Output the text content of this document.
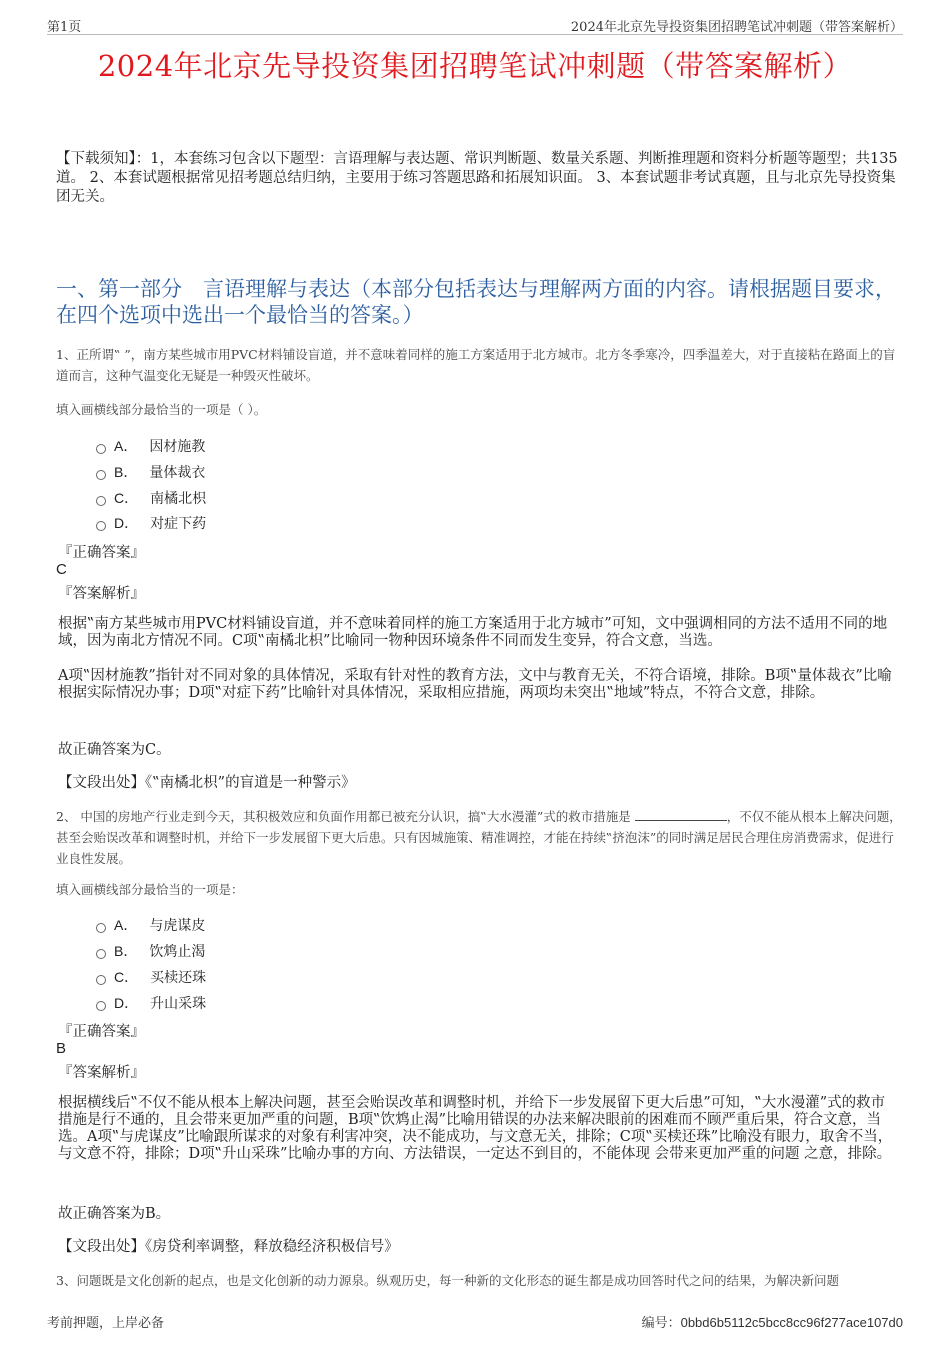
第1页	2024年北京先导投资集团招聘笔试冲刺题（带答案解析）
2024年北京先导投资集团招聘笔试冲刺题（带答案解析）
【下载须知】：1，本套练习包含以下题型：言语理解与表达题、常识判断题、数量关系题、判断推理题和资料分析题等题型；共135道。 2、本套试题根据常见招考题总结归纳，主要用于练习答题思路和拓展知识面。 3、本套试题非考试真题，且与北京先导投资集团无关。
一、第一部分　言语理解与表达（本部分包括表达与理解两方面的内容。请根据题目要求，在四个选项中选出一个最恰当的答案。）
1、正所谓‟ ”，南方某些城市用PVC材料铺设盲道，并不意味着同样的施工方案适用于北方城市。北方冬季寒冷，四季温差大，对于直接粘在路面上的盲道而言，这种气温变化无疑是一种毁灭性破坏。
填入画横线部分最恰当的一项是（ ）。
A． 因材施教
B． 量体裁衣
C． 南橘北枳
D． 对症下药
『正确答案』
C
『答案解析』
根据‟南方某些城市用PVC材料铺设盲道，并不意味着同样的施工方案适用于北方城市”可知，文中强调相同的方法不适用不同的地域，因为南北方情况不同。C项‟南橘北枳”比喻同一物种因环境条件不同而发生变异，符合文意，当选。
A项‟因材施教”指针对不同对象的具体情况，采取有针对性的教育方法，文中与教育无关，不符合语境，排除。B项‟量体裁衣”比喻根据实际情况办事；D项‟对症下药”比喻针对具体情况，采取相应措施，两项均未突出‟地域”特点，不符合文意，排除。
故正确答案为C。
【文段出处】《‟南橘北枳”的盲道是一种警示》
2、 中国的房地产行业走到今天，其积极效应和负面作用都已被充分认识，搞‟大水漫灌”式的救市措施是	，不仅不能从根本上解决问题，甚至会贻误改革和调整时机，并给下一步发展留下更大后患。只有因城施策、精准调控，才能在持续‟挤泡沫”的同时满足居民合理住房消费需求，促进行业良性发展。
填入画横线部分最恰当的一项是：
A． 与虎谋皮
B． 饮鸩止渴
C． 买椟还珠
D． 升山采珠
『正确答案』
B
『答案解析』
根据横线后‟不仅不能从根本上解决问题，甚至会贻误改革和调整时机，并给下一步发展留下更大后患”可知，‟大水漫灌”式的救市措施是行不通的，且会带来更加严重的问题，B项‟饮鸩止渴”比喻用错误的办法来解决眼前的困难而不顾严重后果，符合文意，当选。A项‟与虎谋皮”比喻跟所谋求的对象有利害冲突，决不能成功，与文意无关，排除；C项‟买椟还珠”比喻没有眼力，取舍不当，与文意不符，排除；D项‟升山采珠”比喻办事的方向、方法错误，一定达不到目的，不能体现 会带来更加严重的问题 之意，排除。
故正确答案为B。
【文段出处】《房贷利率调整，释放稳经济积极信号》
3、问题既是文化创新的起点，也是文化创新的动力源泉。纵观历史，每一种新的文化形态的诞生都是成功回答时代之问的结果，为解决新问题
考前押题，上岸必备	编号：0bbd6b5112c5bcc8cc96f277ace107d0
